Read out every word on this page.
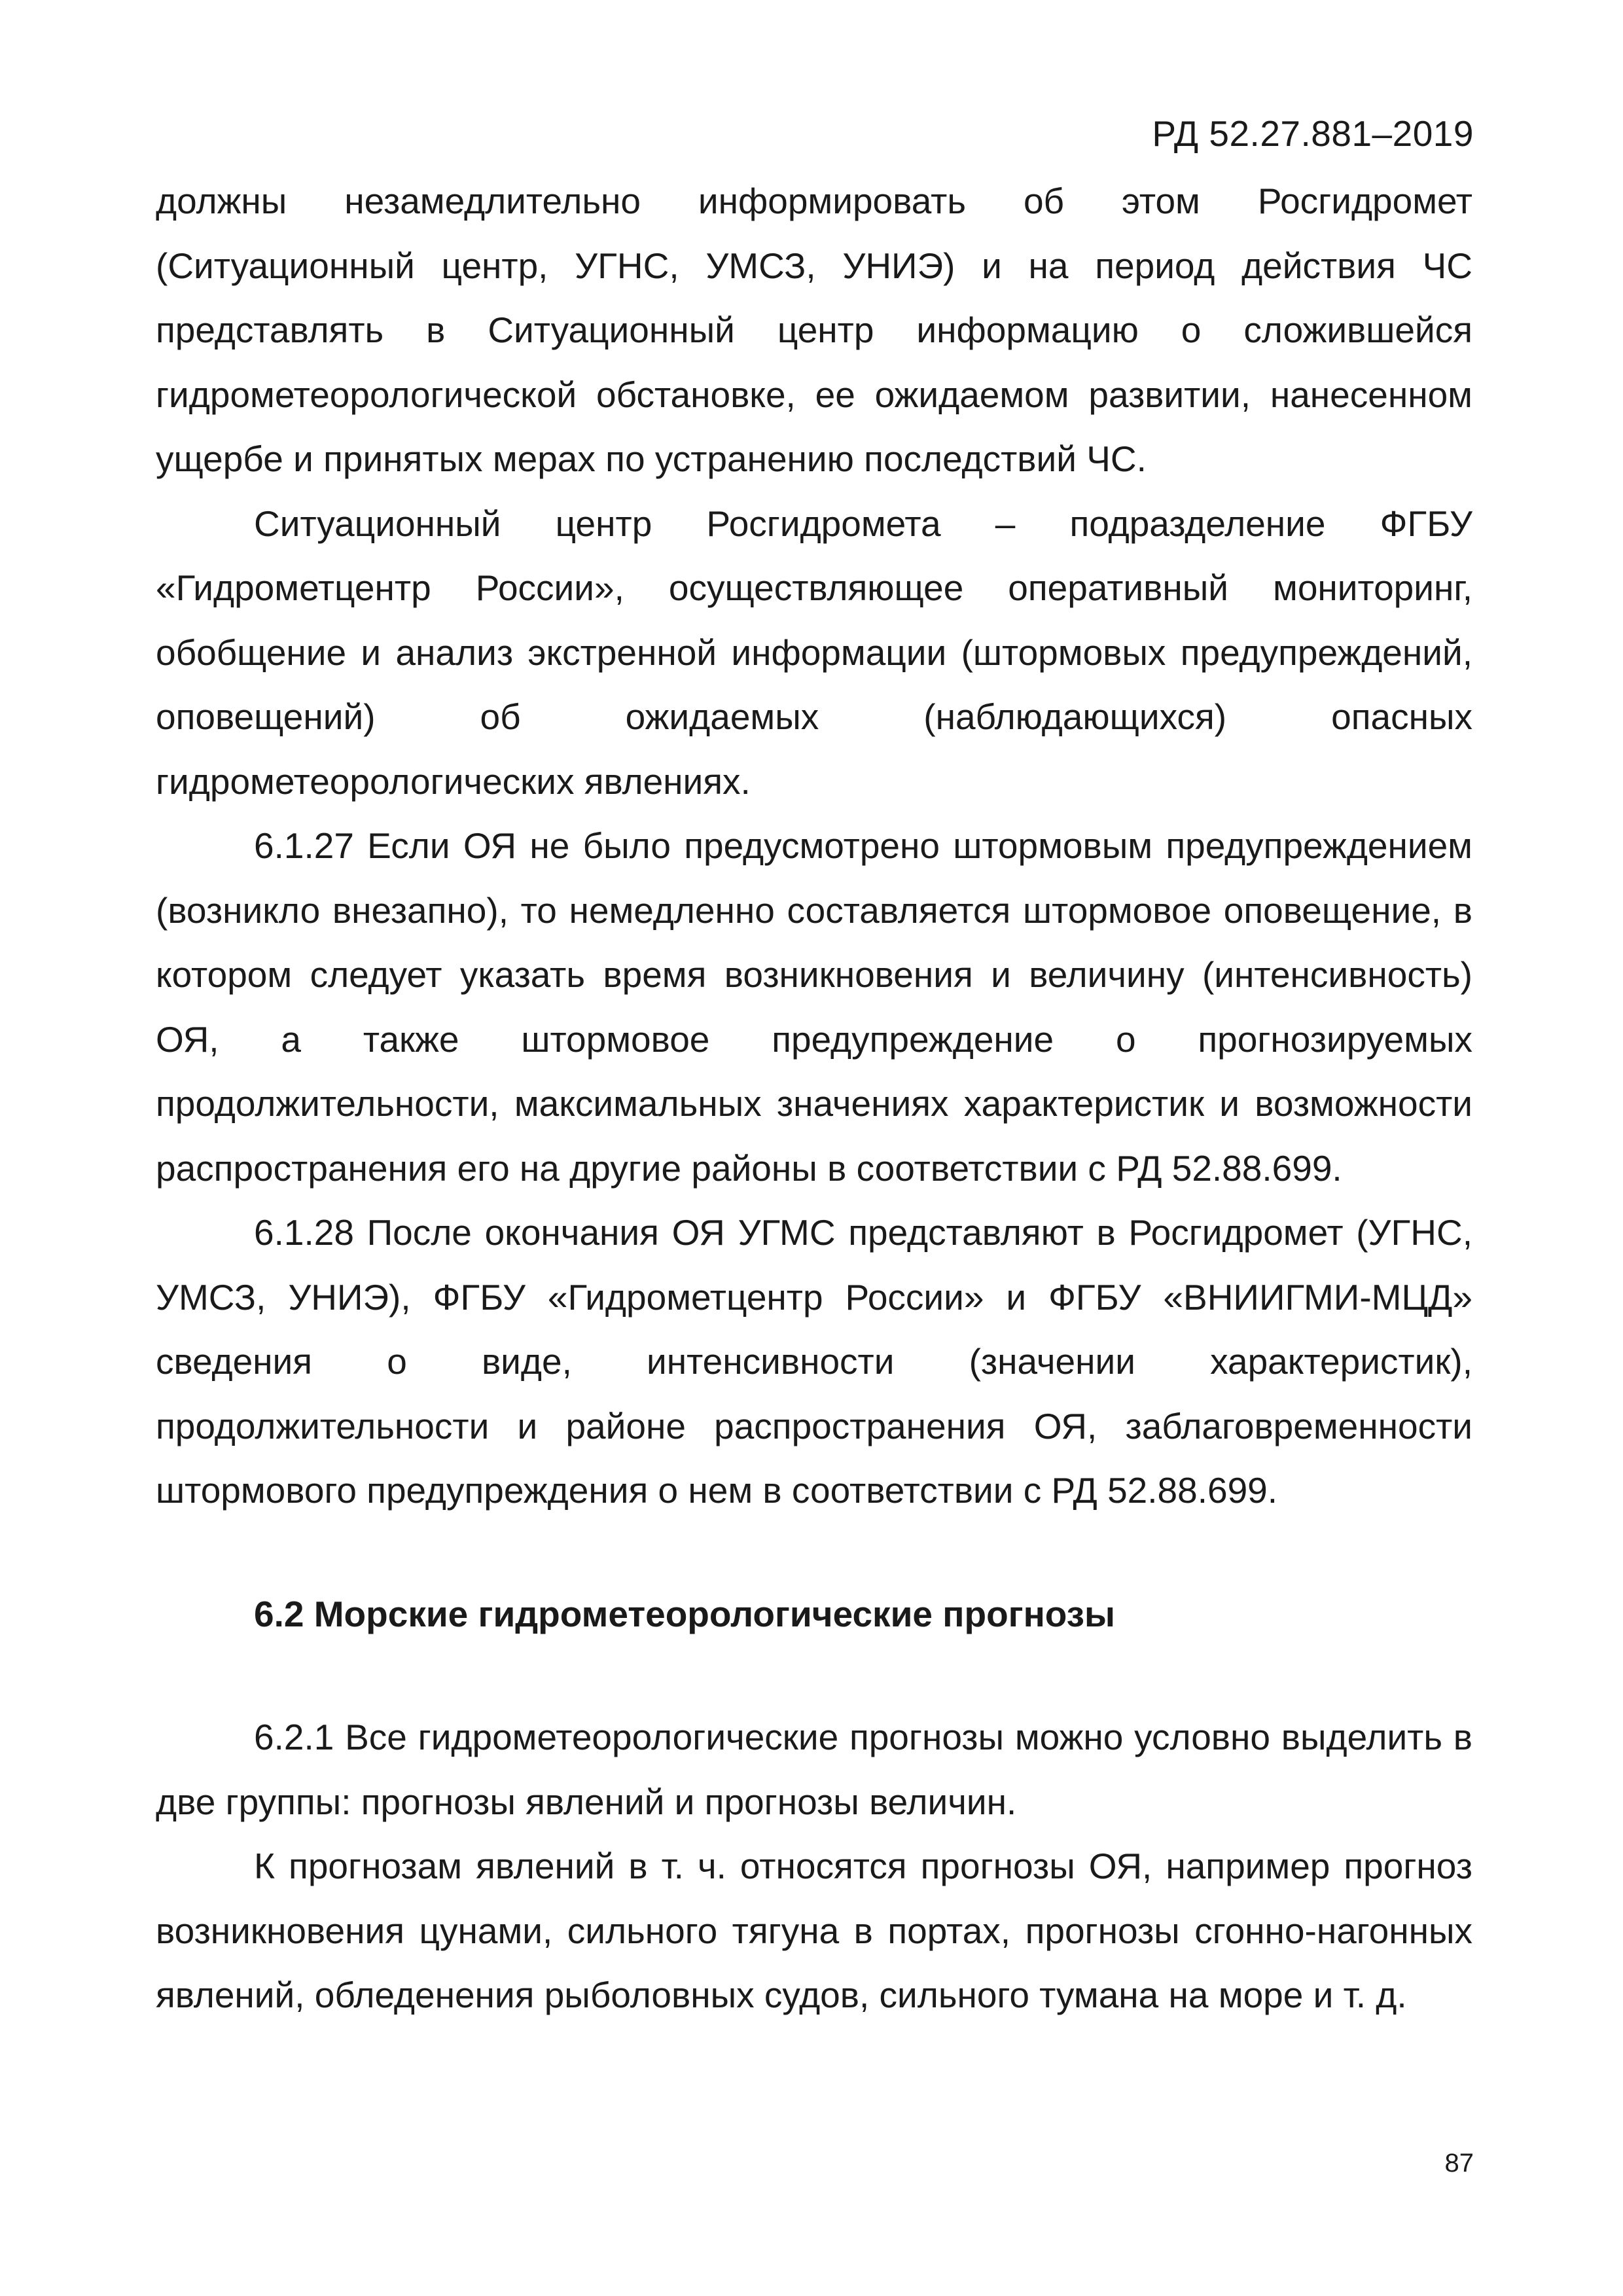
РД 52.27.881–2019

должны незамедлительно информировать об этом Росгидромет (Ситуационный центр, УГНС, УМСЗ, УНИЭ) и на период действия ЧС представлять в Ситуационный центр информацию о сложившейся гидрометеорологической обстановке, ее ожидаемом развитии, нанесенном ущербе и принятых мерах по устранению последствий ЧС.

Ситуационный центр Росгидромета – подразделение ФГБУ «Гидрометцентр России», осуществляющее оперативный мониторинг, обобщение и анализ экстренной информации (штормовых предупреждений, оповещений) об ожидаемых (наблюдающихся) опасных гидрометеорологических явлениях.

6.1.27 Если ОЯ не было предусмотрено штормовым предупреждением (возникло внезапно), то немедленно составляется штормовое оповещение, в котором следует указать время возникновения и величину (интенсивность) ОЯ, а также штормовое предупреждение о прогнозируемых продолжительности, максимальных значениях характеристик и возможности распространения его на другие районы в соответствии с РД 52.88.699.

6.1.28 После окончания ОЯ УГМС представляют в Росгидромет (УГНС, УМСЗ, УНИЭ), ФГБУ «Гидрометцентр России» и ФГБУ «ВНИИГМИ-МЦД» сведения о виде, интенсивности (значении характеристик), продолжительности и районе распространения ОЯ, заблаговременности штормового предупреждения о нем в соответствии с РД 52.88.699.

6.2 Морские гидрометеорологические прогнозы

6.2.1 Все гидрометеорологические прогнозы можно условно выделить в две группы: прогнозы явлений и прогнозы величин.

К прогнозам явлений в т. ч. относятся прогнозы ОЯ, например прогноз возникновения цунами, сильного тягуна в портах, прогнозы сгонно-нагонных явлений, обледенения рыболовных судов, сильного тумана на море и т. д.

87
